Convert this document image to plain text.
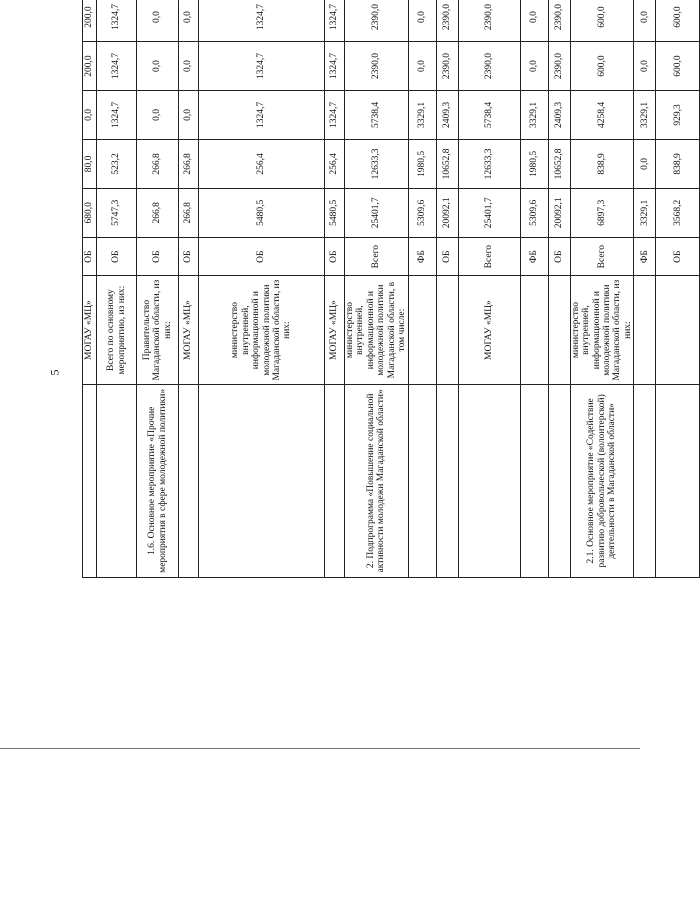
5
	МОГАУ «МЦ»	ОБ	680,0	80,0	0,0	200,0	200,0	
	Всего по основному мероприятию, из них:	ОБ	5747,3	523,2	1324,7	1324,7	1324,7	
1.6. Основное мероприятие «Прочие мероприятия в сфере молодежной политики»	Правительство Магаданской области, из них:	ОБ	266,8	266,8	0,0	0,0	0,0	
	МОГАУ «МЦ»	ОБ	266,8	266,8	0,0	0,0	0,0	
	министерство внутренней, информационной и молодежной политики Магаданской области, из них:	ОБ	5480,5	256,4	1324,7	1324,7	1324,7	
	МОГАУ «МЦ»	ОБ	5480,5	256,4	1324,7	1324,7	1324,7	
2. Подпрограмма «Повышение социальной активности молодежи Магаданской области»	министерство внутренней, информационной и молодежной политики Магаданской области, в том числе:	Всего	25401,7	12633,3	5738,4	2390,0	2390,0	
		ФБ	5309,6	1980,5	3329,1	0,0	0,0	
		ОБ	20092,1	10652,8	2409,3	2390,0	2390,0	
	МОГАУ «МЦ»	Всего	25401,7	12633,3	5738,4	2390,0	2390,0	
		ФБ	5309,6	1980,5	3329,1	0,0	0,0	
		ОБ	20092,1	10652,8	2409,3	2390,0	2390,0	
2.1. Основное мероприятие «Содействие развитию добровольческой (волонтерской) деятельности в Магаданской области»	министерство внутренней, информационной и молодежной политики Магаданской области, из них:	Всего	6897,3	838,9	4258,4	600,0	600,0	
		ФБ	3329,1	0,0	3329,1	0,0	0,0	
		ОБ	3568,2	838,9	929,3	600,0	600,0	
